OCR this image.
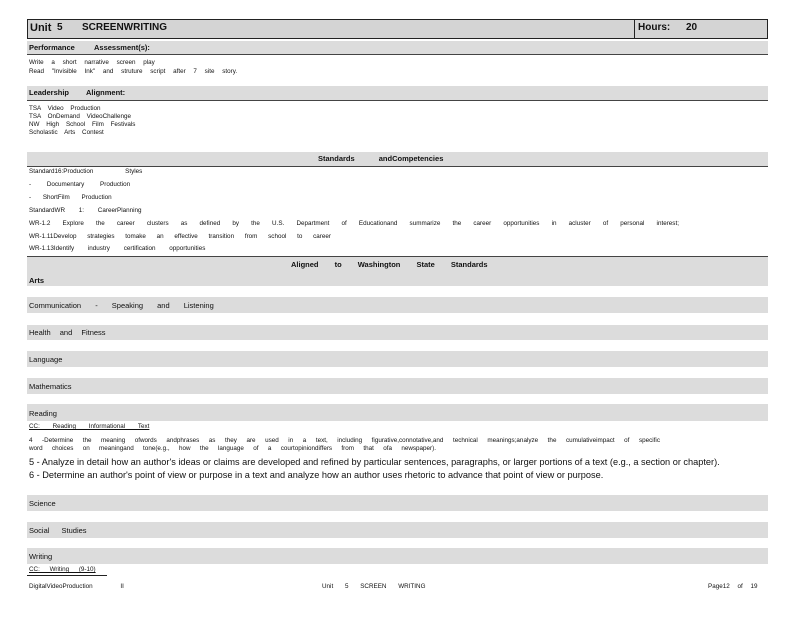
Unit 5 SCREENWRITING	Hours: 20
Performance	Assessment(s):
Write a short narrative screen play
Read "Invisible Ink" and struture script after 7 site story.
Leadership Alignment:
TSA Video Production
TSA OnDemand VideoChallenge
NW High School Film Festivals
Scholastic Arts Contest
Standards andCompetencies
Standard16:Production Styles
- Documentary Production
- ShortFilm Production
StandardWR 1: CareerPlanning
WR-1.2 Explore the career clusters as defined by the U.S. Department of Educationand summarize the career opportunities in acluster of personal interest;
WR-1.11Develop strategies tomake an effective transition from school to career
WR-1.13Identify industry certification opportunities
Aligned to Washington State Standards
Arts
Communication - Speaking and Listening
Health and Fitness
Language
Mathematics
Reading
CC: Reading Informational Text
4 -Determine the meaning ofwords andphrases as they are used in a text, including figurative,connotative,and technical meanings;analyze the cumulativeimpact of specific
word choices on meaningand tone(e.g., how the language of a courtopiniondiffers from that ofa newspaper).
5 - Analyze in detail how an author's ideas or claims are developed and refined by particular sentences, paragraphs, or larger portions of a text (e.g., a section or chapter).
6 - Determine an author's point of view or purpose in a text and analyze how an author uses rhetoric to advance that point of view or purpose.
Science
Social Studies
Writing
CC: Writing (9-10)
DigitalVideoProduction II	Unit 5 SCREEN WRITING	Page12 of 19
